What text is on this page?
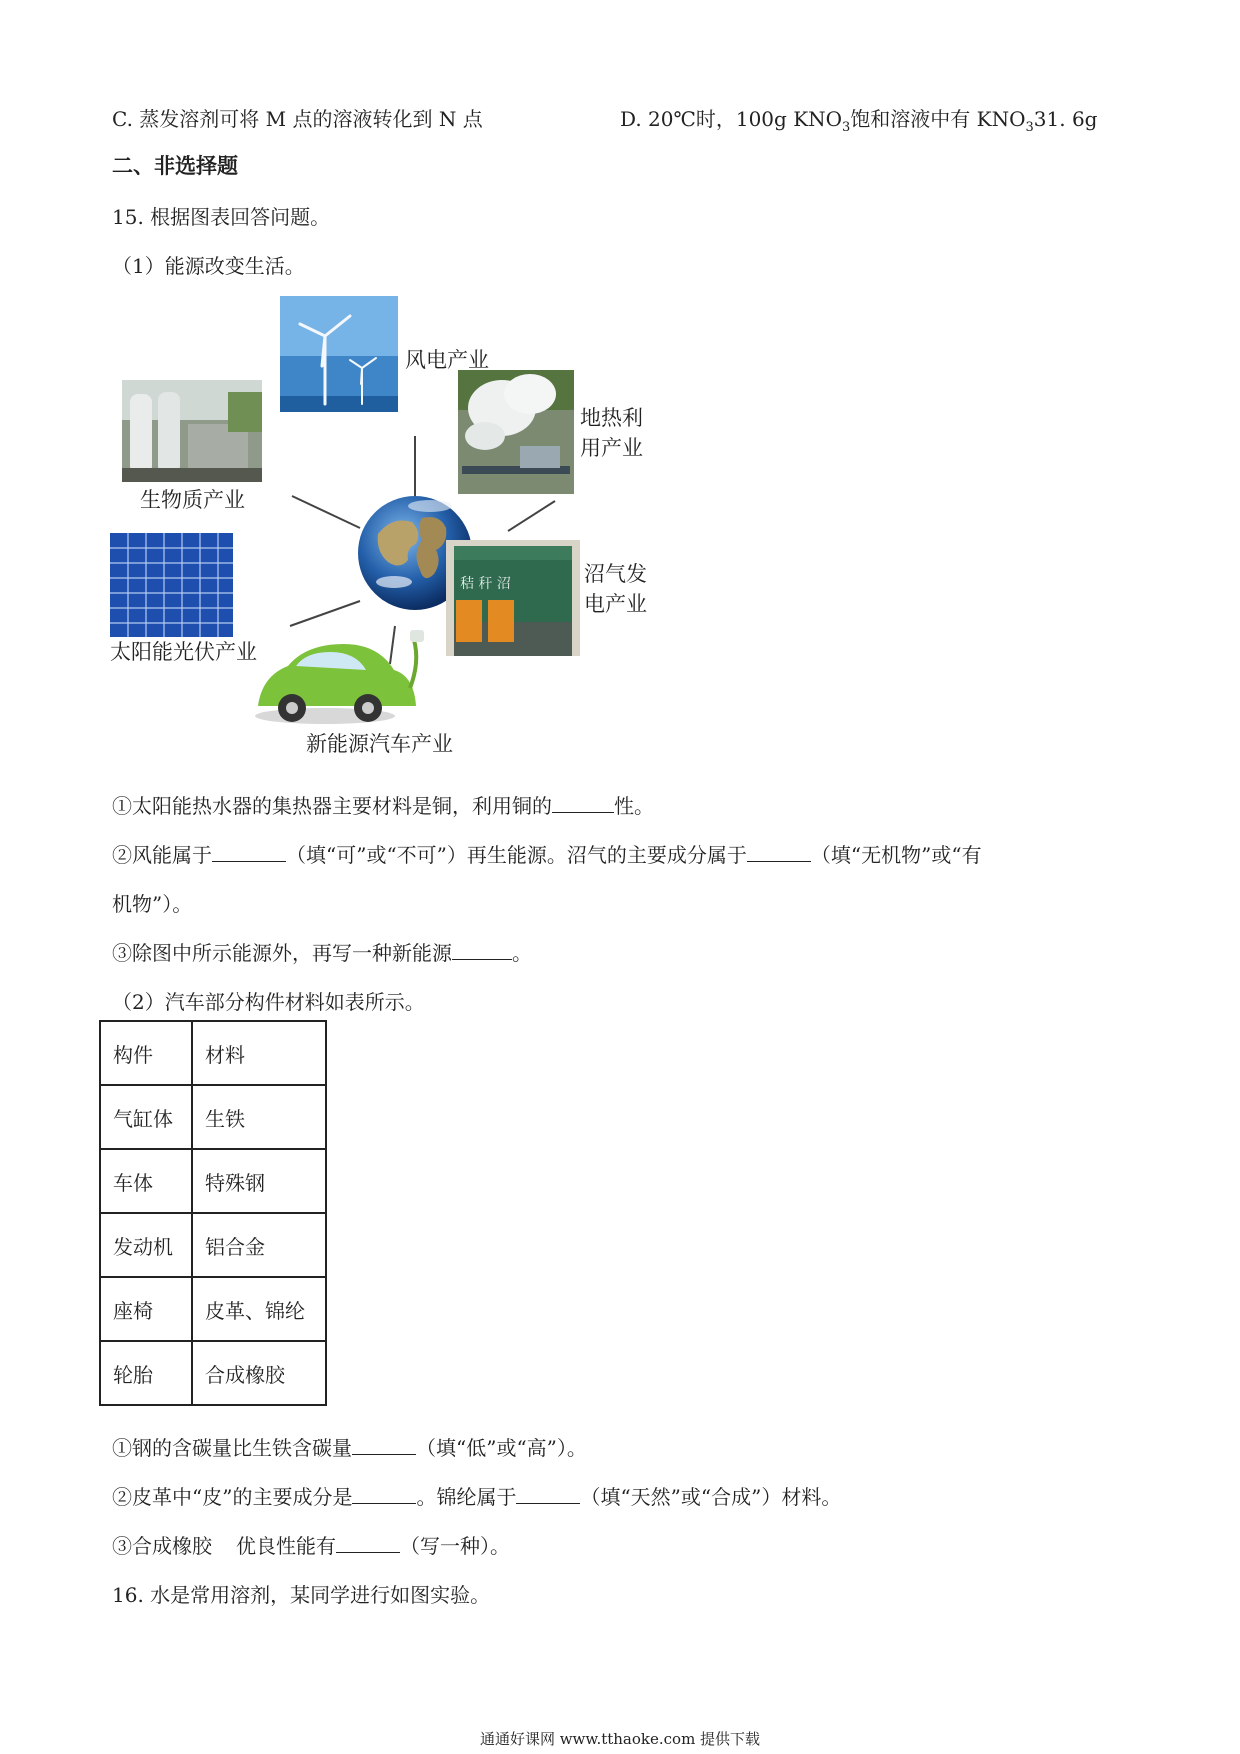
C. 蒸发溶剂可将 M 点的溶液转化到 N 点	D. 20℃时，100g $KNO_3$饱和溶液中有 $KNO_331$. 6g
二、非选择题
15. 根据图表回答问题。
（1）能源改变生活。
秸 秆 沼
风电产业
地热利
用产业
生物质产业
沼气发
电产业
太阳能光伏产业
新能源汽车产业
①太阳能热水器的集热器主要材料是铜，利用铜的	性。
②风能属于	（填“可”或“不可”）再生能源。沼气的主要成分属于	（填“无机物”或“有
机物”）。
③除图中所示能源外，再写一种新能源	。
（2）汽车部分构件材料如表所示。
构件	材料
气缸体	生铁
车体	特殊钢
发动机	铝合金
座椅	皮革、锦纶
轮胎	合成橡胶
①钢的含碳量比生铁含碳量	（填“低”或“高”）。
②皮革中“皮”的主要成分是	。锦纶属于	（填“天然”或“合成”）材料。
③合成橡胶 优良性能有	（写一种）。
16. 水是常用溶剂，某同学进行如图实验。
通通好课网 www.tthaoke.com 提供下载
